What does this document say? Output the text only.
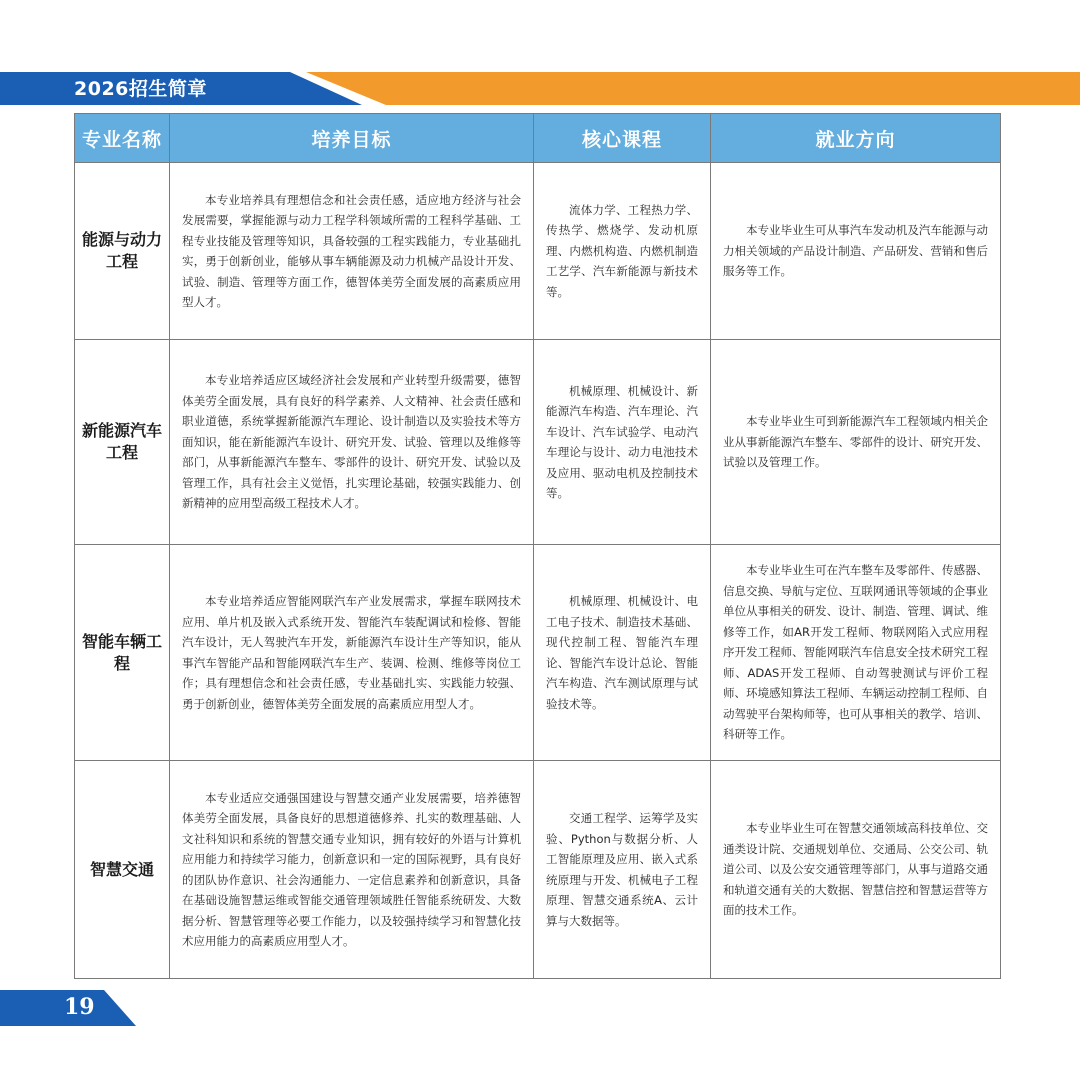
2026招生简章
专业名称	培养目标	核心课程	就业方向
能源与动力工程	本专业培养具有理想信念和社会责任感，适应地方经济与社会发展需要，掌握能源与动力工程学科领域所需的工程科学基础、工程专业技能及管理等知识，具备较强的工程实践能力，专业基础扎实，勇于创新创业，能够从事车辆能源及动力机械产品设计开发、试验、制造、管理等方面工作，德智体美劳全面发展的高素质应用型人才。	流体力学、工程热力学、传热学、燃烧学、发动机原理、内燃机构造、内燃机制造工艺学、汽车新能源与新技术等。	本专业毕业生可从事汽车发动机及汽车能源与动力相关领域的产品设计制造、产品研发、营销和售后服务等工作。

新能源汽车工程	本专业培养适应区域经济社会发展和产业转型升级需要，德智体美劳全面发展，具有良好的科学素养、人文精神、社会责任感和职业道德，系统掌握新能源汽车理论、设计制造以及实验技术等方面知识，能在新能源汽车设计、研究开发、试验、管理以及维修等部门，从事新能源汽车整车、零部件的设计、研究开发、试验以及管理工作，具有社会主义觉悟，扎实理论基础，较强实践能力、创新精神的应用型高级工程技术人才。	机械原理、机械设计、新能源汽车构造、汽车理论、汽车设计、汽车试验学、电动汽车理论与设计、动力电池技术及应用、驱动电机及控制技术等。	本专业毕业生可到新能源汽车工程领域内相关企业从事新能源汽车整车、零部件的设计、研究开发、试验以及管理工作。

智能车辆工程	本专业培养适应智能网联汽车产业发展需求，掌握车联网技术应用、单片机及嵌入式系统开发、智能汽车装配调试和检修、智能汽车设计，无人驾驶汽车开发，新能源汽车设计生产等知识，能从事汽车智能产品和智能网联汽车生产、装调、检测、维修等岗位工作；具有理想信念和社会责任感，专业基础扎实、实践能力较强、勇于创新创业，德智体美劳全面发展的高素质应用型人才。	机械原理、机械设计、电工电子技术、制造技术基础、现代控制工程、智能汽车理论、智能汽车设计总论、智能汽车构造、汽车测试原理与试验技术等。	本专业毕业生可在汽车整车及零部件、传感器、信息交换、导航与定位、互联网通讯等领域的企事业单位从事相关的研发、设计、制造、管理、调试、维修等工作，如AR开发工程师、物联网陷入式应用程序开发工程师、智能网联汽车信息安全技术研究工程师、ADAS开发工程师、自动驾驶测试与评价工程师、环境感知算法工程师、车辆运动控制工程师、自动驾驶平台架构师等，也可从事相关的教学、培训、科研等工作。

智慧交通	本专业适应交通强国建设与智慧交通产业发展需要，培养德智体美劳全面发展，具备良好的思想道德修养、扎实的数理基础、人文社科知识和系统的智慧交通专业知识，拥有较好的外语与计算机应用能力和持续学习能力，创新意识和一定的国际视野，具有良好的团队协作意识、社会沟通能力、一定信息素养和创新意识，具备在基础设施智慧运维或智能交通管理领域胜任智能系统研发、大数据分析、智慧管理等必要工作能力，以及较强持续学习和智慧化技术应用能力的高素质应用型人才。	交通工程学、运筹学及实验、Python与数据分析、人工智能原理及应用、嵌入式系统原理与开发、机械电子工程原理、智慧交通系统A、云计算与大数据等。	本专业毕业生可在智慧交通领域高科技单位、交通类设计院、交通规划单位、交通局、公交公司、轨道公司、以及公安交通管理等部门，从事与道路交通和轨道交通有关的大数据、智慧信控和智慧运营等方面的技术工作。

19
